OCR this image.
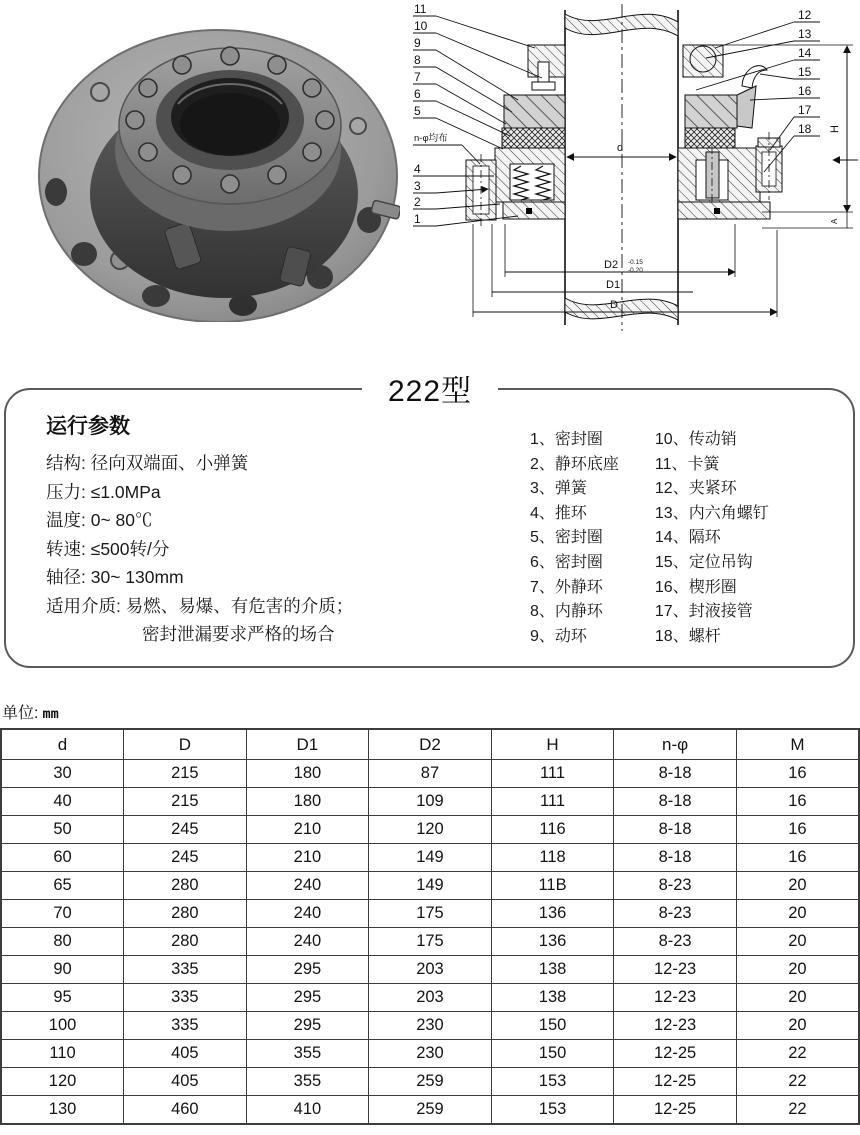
d
D2 -0.15
-0.20
D1
D
H
A
n-φ均布
11
10
9
8
7
6
5
4
3
2
1
12
13
14
15
16
17
18
222型
运行参数
结构: 径向双端面、小弹簧
压力: ≤1.0MPa
温度: 0~ 80℃
转速: ≤500转/分
轴径: 30~ 130mm
适用介质: 易燃、易爆、有危害的介质；
密封泄漏要求严格的场合
1、密封圈
2、静环底座
3、弹簧
4、推环
5、密封圈
6、密封圈
7、外静环
8、内静环
9、动环
10、传动销
11、卡簧
12、夹紧环
13、内六角螺钉
14、隔环
15、定位吊钩
16、楔形圈
17、封液接管
18、螺杆
单位: mm
d	D	D1	D2	H	n-φ	M
30	215	180	87	111	8-18	16
40	215	180	109	111	8-18	16
50	245	210	120	116	8-18	16
60	245	210	149	118	8-18	16
65	280	240	149	11B	8-23	20
70	280	240	175	136	8-23	20
80	280	240	175	136	8-23	20
90	335	295	203	138	12-23	20
95	335	295	203	138	12-23	20
100	335	295	230	150	12-23	20
110	405	355	230	150	12-25	22
120	405	355	259	153	12-25	22
130	460	410	259	153	12-25	22
